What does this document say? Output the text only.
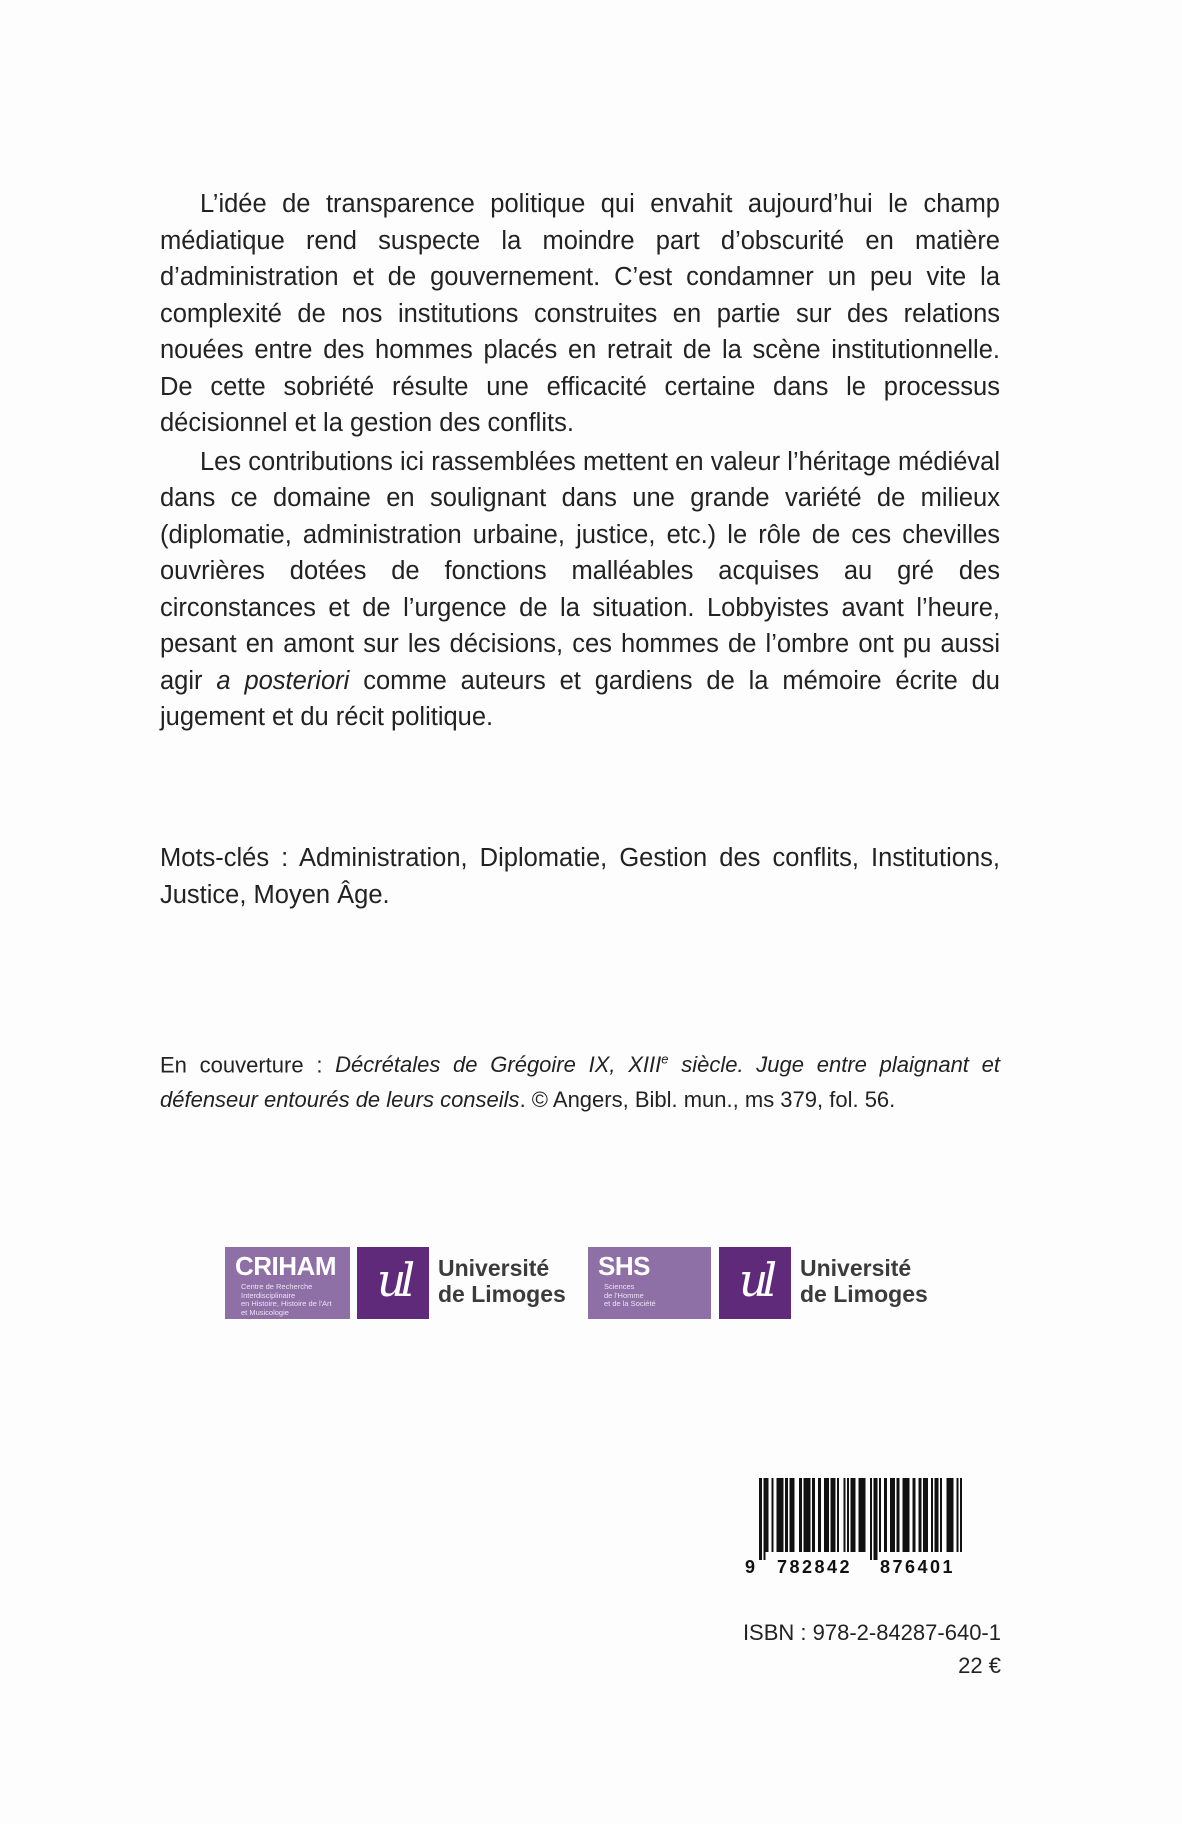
L’idée de transparence politique qui envahit aujourd’hui le champ médiatique rend suspecte la moindre part d’obscurité en matière d’administration et de gouvernement. C’est condamner un peu vite la complexité de nos institutions construites en partie sur des relations nouées entre des hommes placés en retrait de la scène institutionnelle. De cette sobriété résulte une efficacité certaine dans le processus décisionnel et la gestion des conflits.

Les contributions ici rassemblées mettent en valeur l’héritage médiéval dans ce domaine en soulignant dans une grande variété de milieux (diplomatie, administration urbaine, justice, etc.) le rôle de ces chevilles ouvrières dotées de fonctions malléables acquises au gré des circonstances et de l’urgence de la situation. Lobbyistes avant l’heure, pesant en amont sur les décisions, ces hommes de l’ombre ont pu aussi agir a posteriori comme auteurs et gardiens de la mémoire écrite du jugement et du récit politique.

Mots-clés : Administration, Diplomatie, Gestion des conflits, Institutions, Justice, Moyen Âge.
En couverture : Décrétales de Grégoire IX, XIIIe siècle. Juge entre plaignant et défenseur entourés de leurs conseils. © Angers, Bibl. mun., ms 379, fol. 56.
CRIHAM
Centre de Recherche
Interdisciplinaire
en Histoire, Histoire de l'Art
et Musicologie
ul	Université
de Limoges
SHS
Sciences
de l'Homme
et de la Société	ul	Université
de Limoges
9 782842 876401
ISBN : 978-2-84287-640-1
22 €
